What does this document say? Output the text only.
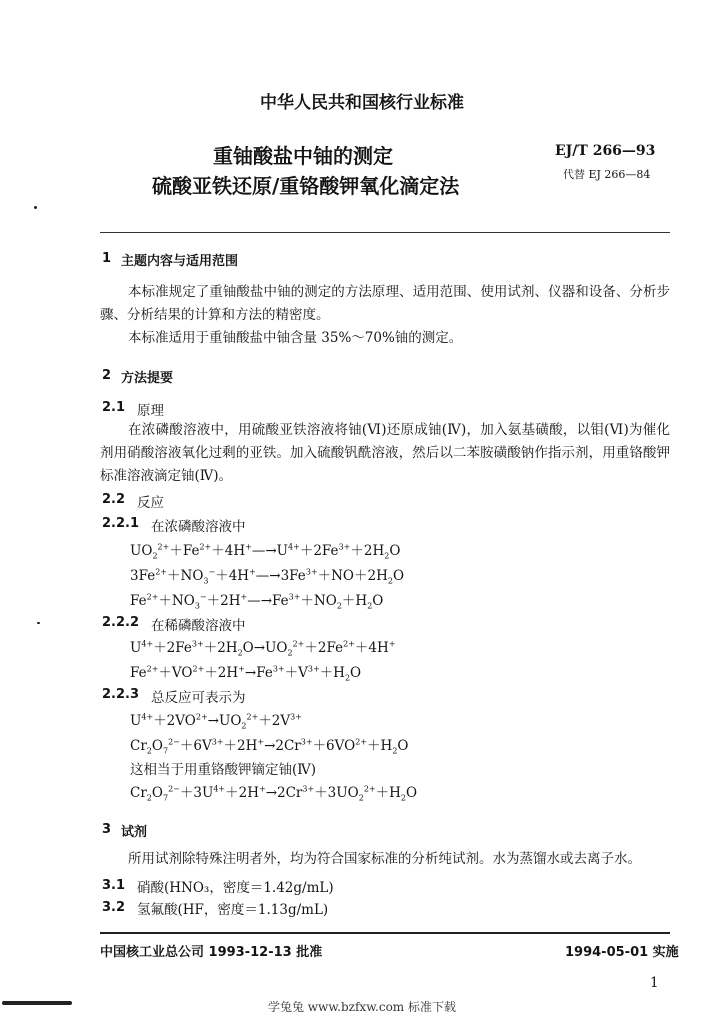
中华人民共和国核行业标准
重铀酸盐中铀的测定
硫酸亚铁还原/重铬酸钾氧化滴定法
EJ/T 266—93
代替 EJ 266—84
1 主题内容与适用范围
本标准规定了重铀酸盐中铀的测定的方法原理、适用范围、使用试剂、仪器和设备、分析步骤、分析结果的计算和方法的精密度。
本标准适用于重铀酸盐中铀含量 35%～70%铀的测定。
2 方法提要
2.1 原理
在浓磷酸溶液中，用硫酸亚铁溶液将铀(Ⅵ)还原成铀(Ⅳ)，加入氨基磺酸，以钼(Ⅵ)为催化剂用硝酸溶液氧化过剩的亚铁。加入硫酸钒酰溶液，然后以二苯胺磺酸钠作指示剂，用重铬酸钾标准溶液滴定铀(Ⅳ)。
2.2 反应
2.2.1 在浓磷酸溶液中
$UO_2^{2+}+Fe^{2+}+4H^+—\to U^{4+}+2Fe^{3+}+2H_2O$
$3Fe^{2+}+NO_3^-+4H^+—\to 3Fe^{3+}+NO+2H_2O$
$Fe^{2+}+NO_3^-+2H^+—\to Fe^{3+}+NO_2+H_2O$
2.2.2 在稀磷酸溶液中
$U^{4+}+2Fe^{3+}+2H_2O\to UO_2^{2+}+2Fe^{2+}+4H^+$
$Fe^{2+}+VO^{2+}+2H^+\to Fe^{3+}+V^{3+}+H_2O$
2.2.3 总反应可表示为
$U^{4+}+2VO^{2+}\to UO_2^{2+}+2V^{3+}$
$Cr_2O_7^{2-}+6V^{3+}+2H^+\to 2Cr^{3+}+6VO^{2+}+H_2O$
这相当于用重铬酸钾镝定铀(Ⅳ)
$Cr_2O_7^{2-}+3U^{4+}+2H^+\to 2Cr^{3+}+3UO_2^{2+}+H_2O$
3 试剂
所用试剂除特殊注明者外，均为符合国家标准的分析纯试剂。水为蒸馏水或去离子水。
3.1 硝酸(HNO₃，密度＝1.42g/mL)
3.2 氢氟酸(HF，密度＝1.13g/mL)
中国核工业总公司 1993-12-13 批准	1994-05-01 实施
1
学兔兔 www.bzfxw.com 标准下载
